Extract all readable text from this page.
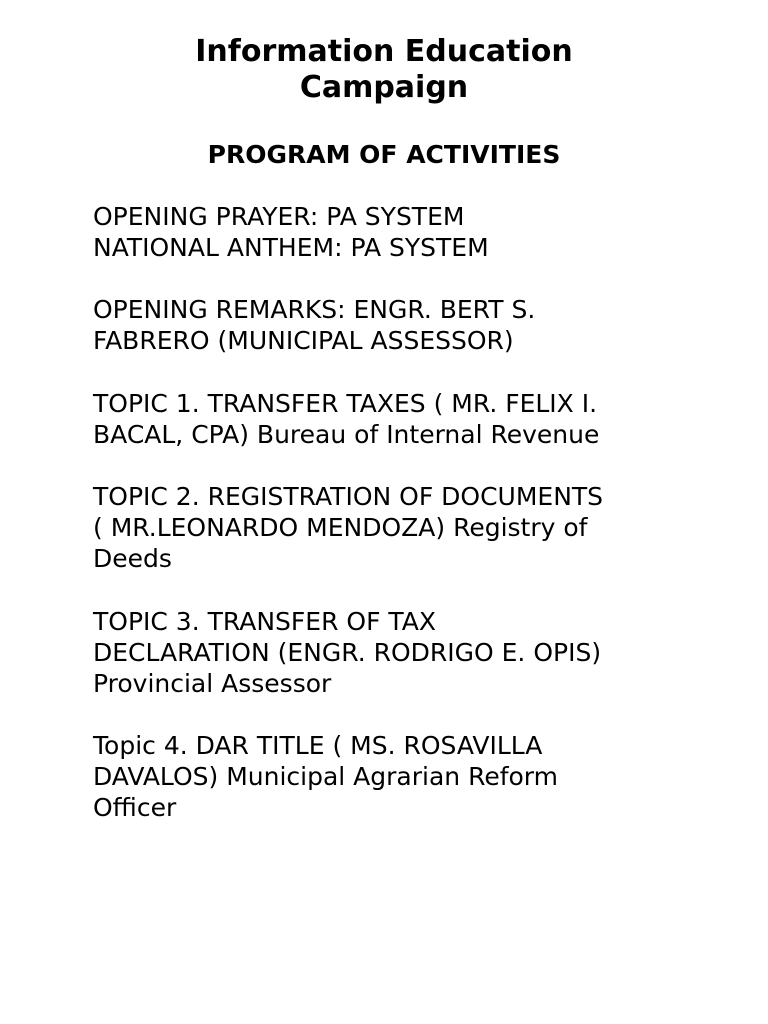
Information Education
Campaign
PROGRAM OF ACTIVITIES
OPENING PRAYER: PA SYSTEM
NATIONAL ANTHEM: PA SYSTEM
OPENING REMARKS: ENGR. BERT S.
FABRERO (MUNICIPAL ASSESSOR)
TOPIC 1. TRANSFER TAXES ( MR. FELIX I.
BACAL, CPA) Bureau of Internal Revenue
TOPIC 2. REGISTRATION OF DOCUMENTS
( MR.LEONARDO MENDOZA) Registry of
Deeds
TOPIC 3. TRANSFER OF TAX
DECLARATION (ENGR. RODRIGO E. OPIS)
Provincial Assessor
Topic 4. DAR TITLE ( MS. ROSAVILLA
DAVALOS) Municipal Agrarian Reform
Officer
